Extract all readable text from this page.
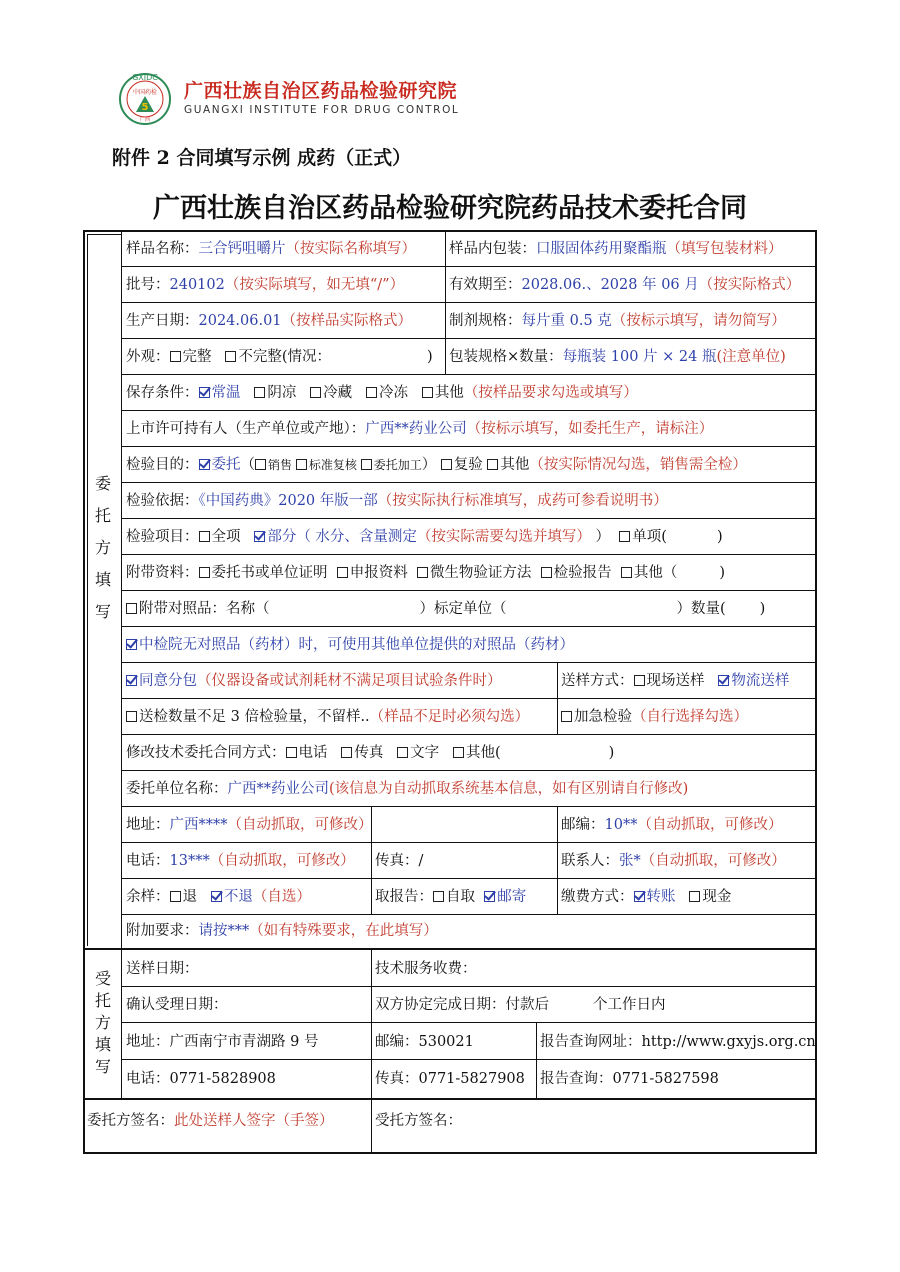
GXIDC
中国药检
5
广西
广西壮族自治区药品检验研究院
GUANGXI INSTITUTE FOR DRUG CONTROL
附件 2 合同填写示例 成药（正式）
广西壮族自治区药品检验研究院药品技术委托合同
委托方填写
受托方填写
样品名称：三合钙咀嚼片（按实际名称填写） 样品内包装：口服固体药用聚酯瓶（填写包装材料）
批号：240102（按实际填写，如无填“/”）	有效期至：2028.06.、2028 年 06 月（按实际格式）
生产日期：2024.06.01（按样品实际格式）	制剂规格：每片重 0.5 克（按标示填写，请勿简写）
外观： 完整 不完整(情况：	) 包装规格×数量：每瓶装 100 片 × 24 瓶(注意单位)
保存条件： 常温 阴凉 冷藏 冷冻 其他（按样品要求勾选或填写）
上市许可持有人（生产单位或产地）：广西**药业公司（按标示填写，如委托生产，请标注）
检验目的： 委托（ 销售 标准复核 委托加工） 复验 其他（按实际情况勾选，销售需全检）
检验依据：《中国药典》2020 年版一部（按实际执行标准填写，成药可参看说明书）
检验项目： 全项 部分（ 水分、含量测定（按实际需要勾选并填写） ） 单项(	)
附带资料： 委托书或单位证明 申报资料 微生物验证方法 检验报告 其他（	)
附带对照品：名称（	）标定单位（	）数量( )
中检院无对照品（药材）时，可使用其他单位提供的对照品（药材）
同意分包（仪器设备或试剂耗材不满足项目试验条件时）	送样方式： 现场送样 物流送样
送检数量不足 3 倍检验量，不留样..（样品不足时必须勾选）	加急检验（自行选择勾选）
修改技术委托合同方式： 电话 传真 文字 其他(	)
委托单位名称：广西**药业公司(该信息为自动抓取系统基本信息，如有区别请自行修改)
地址：广西****（自动抓取，可修改）	邮编：10**（自动抓取，可修改）
电话：13***（自动抓取，可修改） 传真：/	联系人：张*（自动抓取，可修改）
余样： 退 不退（自选）	取报告： 自取 邮寄 缴费方式： 转账 现金
附加要求：请按***（如有特殊要求，在此填写）
送样日期：	技术服务收费：
确认受理日期：	双方协定完成日期：付款后	个工作日内
地址：广西南宁市青湖路 9 号	邮编：530021	报告查询网址：http://www.gxyjs.org.cn
电话：0771-5828908	传真：0771-5827908 报告查询：0771-5827598
委托方签名：此处送样人签字（手签）	受托方签名：
